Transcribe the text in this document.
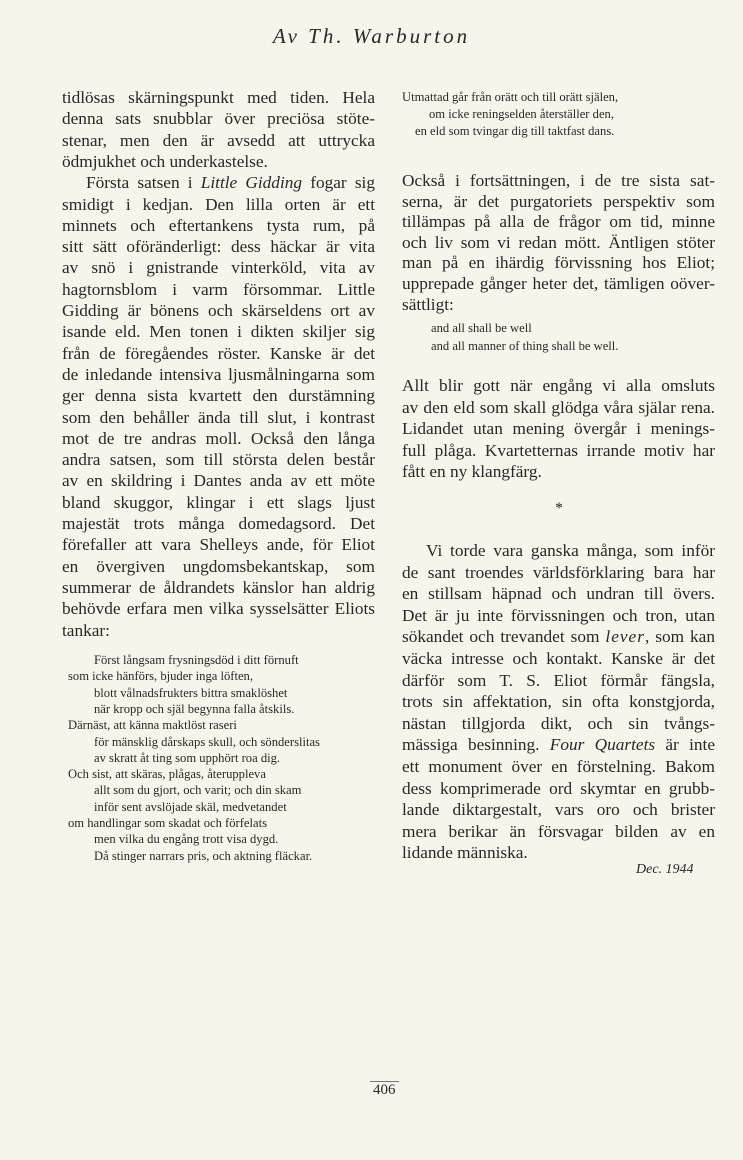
Av Th. Warburton
tidlösas skärningspunkt med tiden. Hela
denna sats snubblar över preciösa stöte-
stenar, men den är avsedd att uttrycka
ödmjukhet och underkastelse.
Första satsen i Little Gidding fogar sig
smidigt i kedjan. Den lilla orten är ett
minnets och eftertankens tysta rum, på
sitt sätt oföränderligt: dess häckar är vita
av snö i gnistrande vinterköld, vita av
hagtornsblom i varm försommar. Little
Gidding är bönens och skärseldens ort av
isande eld. Men tonen i dikten skiljer sig
från de föregåendes röster. Kanske är det
de inledande intensiva ljusmålningarna som
ger denna sista kvartett den durstämning
som den behåller ända till slut, i kontrast
mot de tre andras moll. Också den långa
andra satsen, som till största delen består
av en skildring i Dantes anda av ett möte
bland skuggor, klingar i ett slags ljust
majestät trots många domedagsord. Det
förefaller att vara Shelleys ande, för Eliot
en övergiven ungdomsbekantskap, som
summerar de åldrandets känslor han aldrig
behövde erfara men vilka sysselsätter Eliots
tankar:
Först långsam frysningsdöd i ditt förnuft
som icke hänförs, bjuder inga löften,
blott vålnadsfrukters bittra smaklöshet
när kropp och själ begynna falla åtskils.
Därnäst, att känna maktlöst raseri
för mänsklig dårskaps skull, och sönderslitas
av skratt åt ting som upphört roa dig.
Och sist, att skäras, plågas, återuppleva
allt som du gjort, och varit; och din skam
inför sent avslöjade skäl, medvetandet
om handlingar som skadat och förfelats
men vilka du engång trott visa dygd.
Då stinger narrars pris, och aktning fläckar.
Utmattad går från orätt och till orätt själen,
om icke reningselden återställer den,
en eld som tvingar dig till taktfast dans.
Också i fortsättningen, i de tre sista sat-
serna, är det purgatoriets perspektiv som
tillämpas på alla de frågor om tid, minne
och liv som vi redan mött. Äntligen stöter
man på en ihärdig förvissning hos Eliot;
upprepade gånger heter det, tämligen oöver-
sättligt:
and all shall be well
and all manner of thing shall be well.
Allt blir gott när engång vi alla omsluts
av den eld som skall glödga våra själar rena.
Lidandet utan mening övergår i menings-
full plåga. Kvartetternas irrande motiv har
fått en ny klangfärg.
*
Vi torde vara ganska många, som inför
de sant troendes världsförklaring bara har
en stillsam häpnad och undran till övers.
Det är ju inte förvissningen och tron, utan
sökandet och trevandet som lever, som kan
väcka intresse och kontakt. Kanske är det
därför som T. S. Eliot förmår fängsla,
trots sin affektation, sin ofta konstgjorda,
nästan tillgjorda dikt, och sin tvångs-
mässiga besinning. Four Quartets är inte
ett monument över en förstelning. Bakom
dess komprimerade ord skymtar en grubb-
lande diktargestalt, vars oro och brister
mera berikar än försvagar bilden av en
lidande människa.
Dec. 1944
406
